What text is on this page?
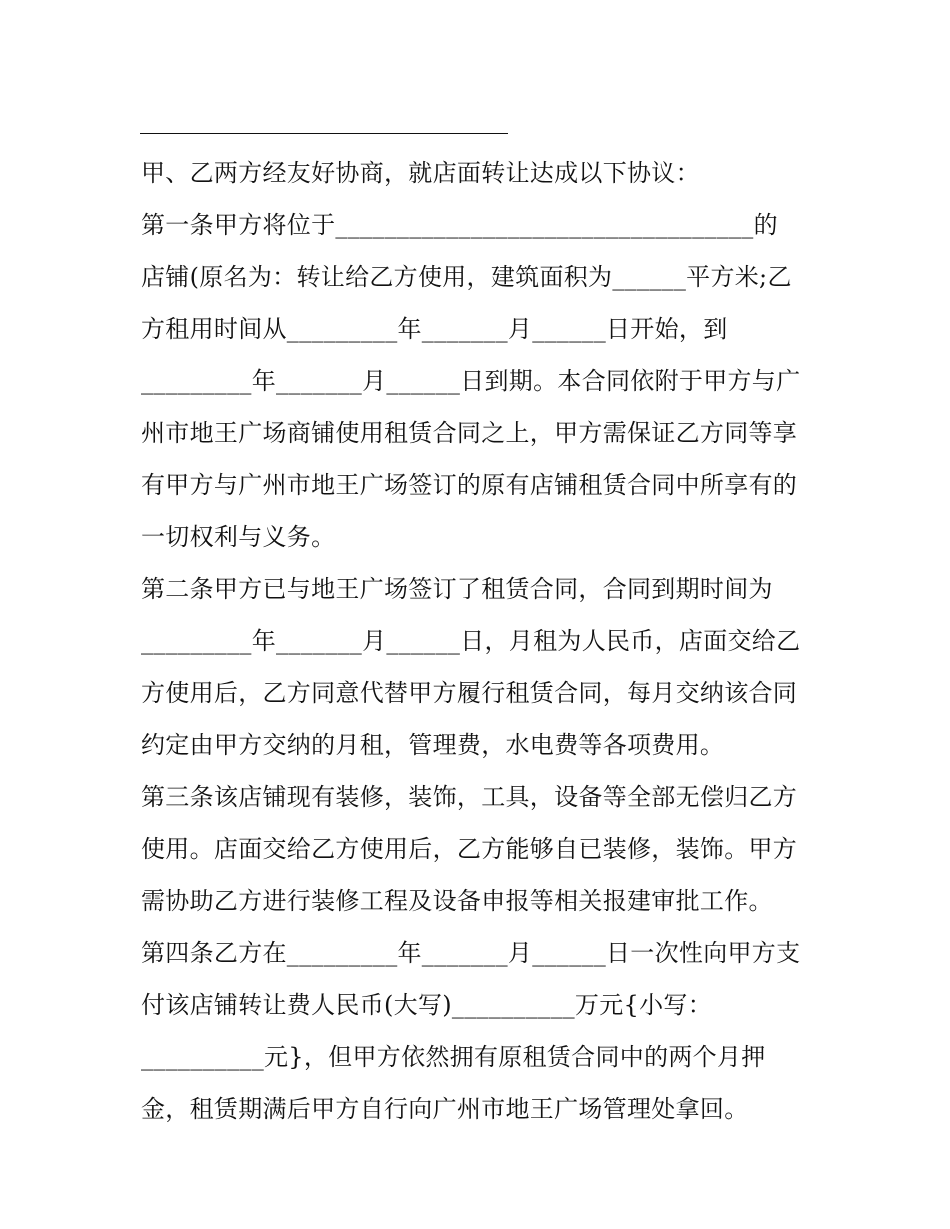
甲、乙两方经友好协商，就店面转让达成以下协议：
第一条甲方将位于__________________________________的
店铺(原名为：转让给乙方使用，建筑面积为______平方米;乙
方租用时间从_________年_______月______日开始，到
_________年_______月______日到期。本合同依附于甲方与广
州市地王广场商铺使用租赁合同之上，甲方需保证乙方同等享
有甲方与广州市地王广场签订的原有店铺租赁合同中所享有的
一切权利与义务。
第二条甲方已与地王广场签订了租赁合同，合同到期时间为
_________年_______月______日，月租为人民币，店面交给乙
方使用后，乙方同意代替甲方履行租赁合同，每月交纳该合同
约定由甲方交纳的月租，管理费，水电费等各项费用。
第三条该店铺现有装修，装饰，工具，设备等全部无偿归乙方
使用。店面交给乙方使用后，乙方能够自已装修，装饰。甲方
需协助乙方进行装修工程及设备申报等相关报建审批工作。
第四条乙方在_________年_______月______日一次性向甲方支
付该店铺转让费人民币(大写)__________万元{小写：
__________元}，但甲方依然拥有原租赁合同中的两个月押
金，租赁期满后甲方自行向广州市地王广场管理处拿回。
